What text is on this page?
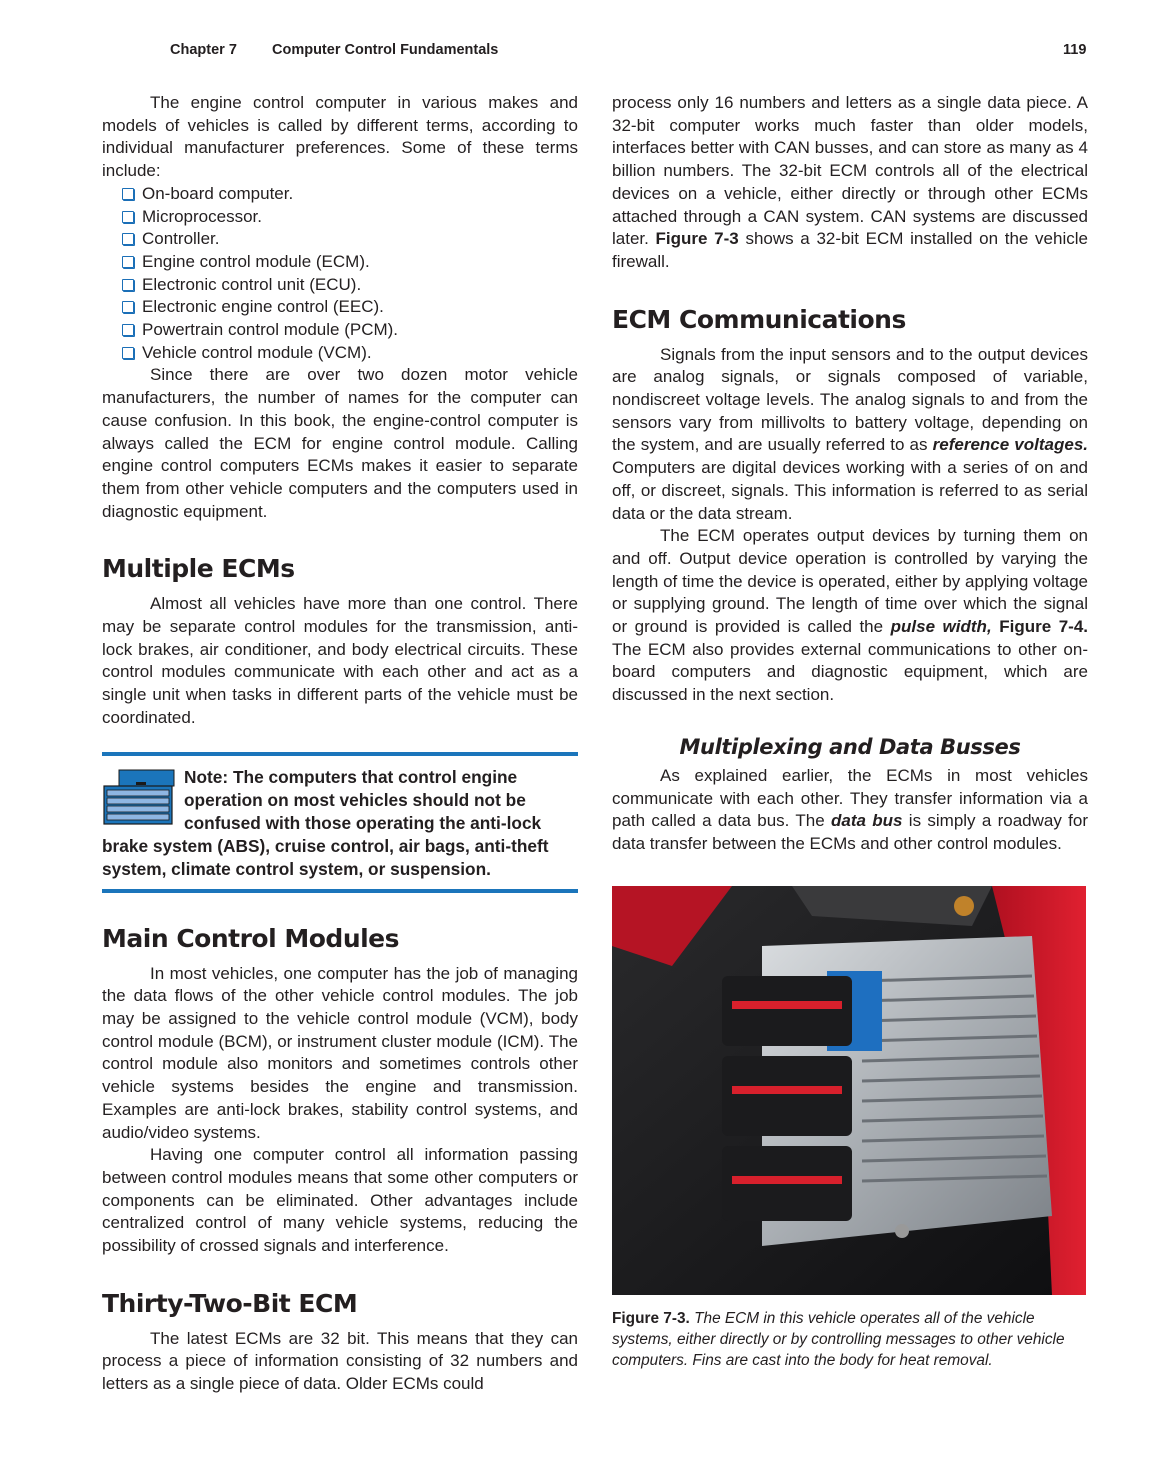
Chapter 7 Computer Control Fundamentals	119

The engine control computer in various makes and models of vehicles is called by different terms, according to individual manufacturer preferences. Some of these terms include:

On-board computer.
Microprocessor.
Controller.
Engine control module (ECM).
Electronic control unit (ECU).
Electronic engine control (EEC).
Powertrain control module (PCM).
Vehicle control module (VCM).

Since there are over two dozen motor vehicle manufacturers, the number of names for the computer can cause confusion. In this book, the engine-control computer is always called the ECM for engine control module. Calling engine control computers ECMs makes it easier to separate them from other vehicle computers and the computers used in diagnostic equipment.

Multiple ECMs

Almost all vehicles have more than one control. There may be separate control modules for the transmission, anti-lock brakes, air conditioner, and body electrical circuits. These control modules communicate with each other and act as a single unit when tasks in different parts of the vehicle must be coordinated.

Note: The computers that control engine operation on most vehicles should not be confused with those operating the anti-lock brake system (ABS), cruise control, air bags, anti-theft system, climate control system, or suspension.
Main Control Modules

In most vehicles, one computer has the job of managing the data flows of the other vehicle control modules. The job may be assigned to the vehicle control module (VCM), body control module (BCM), or instrument cluster module (ICM). The control module also monitors and sometimes controls other vehicle systems besides the engine and transmission. Examples are anti-lock brakes, stability control systems, and audio/video systems.

Having one computer control all information passing between control modules means that some other computers or components can be eliminated. Other advantages include centralized control of many vehicle systems, reducing the possibility of crossed signals and interference.

Thirty-Two-Bit ECM

The latest ECMs are 32 bit. This means that they can process a piece of information consisting of 32 numbers and letters as a single piece of data. Older ECMs could

process only 16 numbers and letters as a single data piece. A 32-bit computer works much faster than older models, interfaces better with CAN busses, and can store as many as 4 billion numbers. The 32-bit ECM controls all of the electrical devices on a vehicle, either directly or through other ECMs attached through a CAN system. CAN systems are discussed later. Figure 7-3 shows a 32-bit ECM installed on the vehicle firewall.

ECM Communications

Signals from the input sensors and to the output devices are analog signals, or signals composed of variable, nondiscreet voltage levels. The analog signals to and from the sensors vary from millivolts to battery voltage, depending on the system, and are usually referred to as reference voltages. Computers are digital devices working with a series of on and off, or discreet, signals. This information is referred to as serial data or the data stream.

The ECM operates output devices by turning them on and off. Output device operation is controlled by varying the length of time the device is operated, either by applying voltage or supplying ground. The length of time over which the signal or ground is provided is called the pulse width, Figure 7-4. The ECM also provides external communications to other on-board computers and diagnostic equipment, which are discussed in the next section.

Multiplexing and Data Busses

As explained earlier, the ECMs in most vehicles communicate with each other. They transfer information via a path called a data bus. The data bus is simply a roadway for data transfer between the ECMs and other control modules.

Figure 7-3. The ECM in this vehicle operates all of the vehicle systems, either directly or by controlling messages to other vehicle computers. Fins are cast into the body for heat removal.
